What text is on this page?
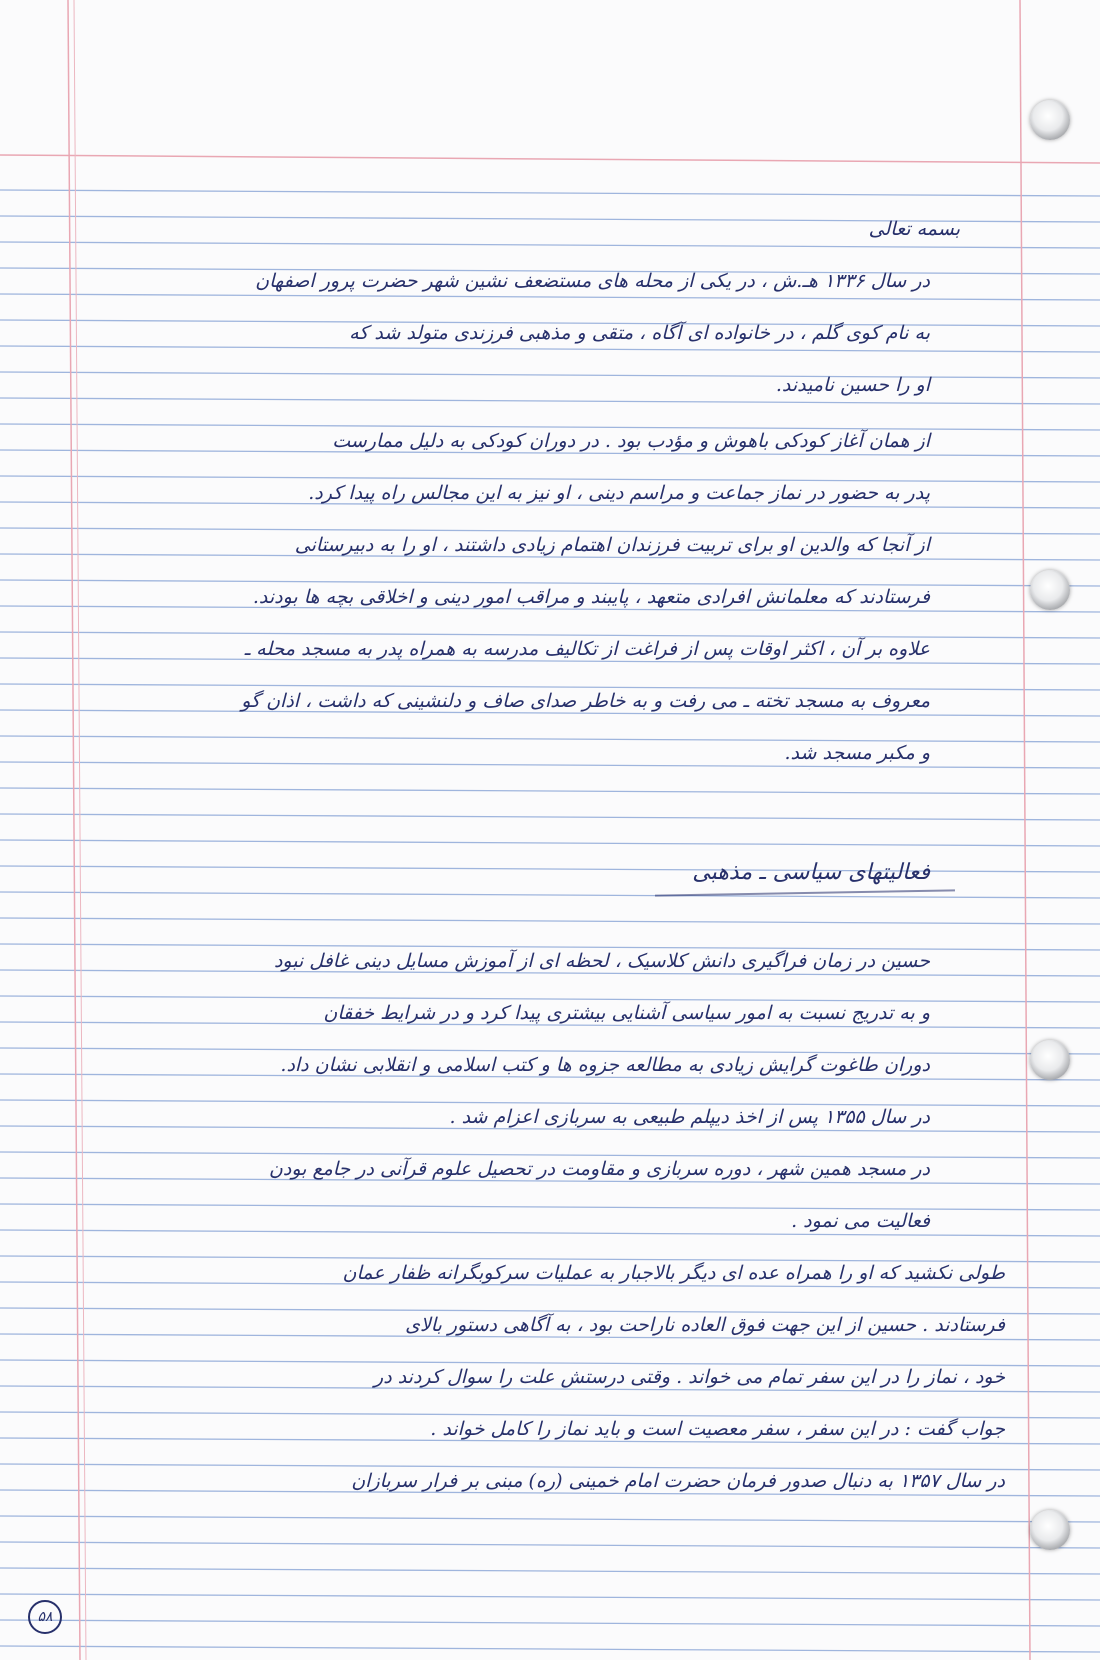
بسمه تعالی
در سال ۱۳۳۶ هـ.ش ، در یکی از محله های مستضعف نشین شهر حضرت پرور اصفهان
به نام کوی گلم ، در خانواده ای آگاه ، متقی و مذهبی فرزندی متولد شد که
او را حسین نامیدند.
از همان آغاز کودکی باهوش و مؤدب بود . در دوران کودکی به دلیل ممارست
پدر به حضور در نماز جماعت و مراسم دینی ، او نیز به این مجالس راه پیدا کرد.
از آنجا که والدین او برای تربیت فرزندان اهتمام زیادی داشتند ، او را به دبیرستانی
فرستادند که معلمانش افرادی متعهد ، پایبند و مراقب امور دینی و اخلاقی بچه ها بودند.
علاوه بر آن ، اکثر اوقات پس از فراغت از تکالیف مدرسه به همراه پدر به مسجد محله ـ
معروف به مسجد تخته ـ می رفت و به خاطر صدای صاف و دلنشینی که داشت ، اذان گو
و مکبر مسجد شد.
فعالیتهای سیاسی ـ مذهبی
حسین در زمان فراگیری دانش کلاسیک ، لحظه ای از آموزش مسایل دینی غافل نبود
و به تدریج نسبت به امور سیاسی آشنایی بیشتری پیدا کرد و در شرایط خفقان
دوران طاغوت گرایش زیادی به مطالعه جزوه ها و کتب اسلامی و انقلابی نشان داد.
در سال ۱۳۵۵ پس از اخذ دیپلم طبیعی به سربازی اعزام شد .
در مسجد همین شهر ، دوره سربازی و مقاومت در تحصیل علوم قرآنی در جامع بودن
فعالیت می نمود .
طولی نکشید که او را همراه عده ای دیگر بالاجبار به عملیات سرکوبگرانه ظفار عمان
فرستادند . حسین از این جهت فوق العاده ناراحت بود ، به آگاهی دستور بالای
خود ، نماز را در این سفر تمام می خواند . وقتی درستش علت را سوال کردند در
جواب گفت : در این سفر ، سفر معصیت است و باید نماز را کامل خواند .
در سال ۱۳۵۷ به دنبال صدور فرمان حضرت امام خمینی (ره) مبنی بر فرار سربازان
۵۸
